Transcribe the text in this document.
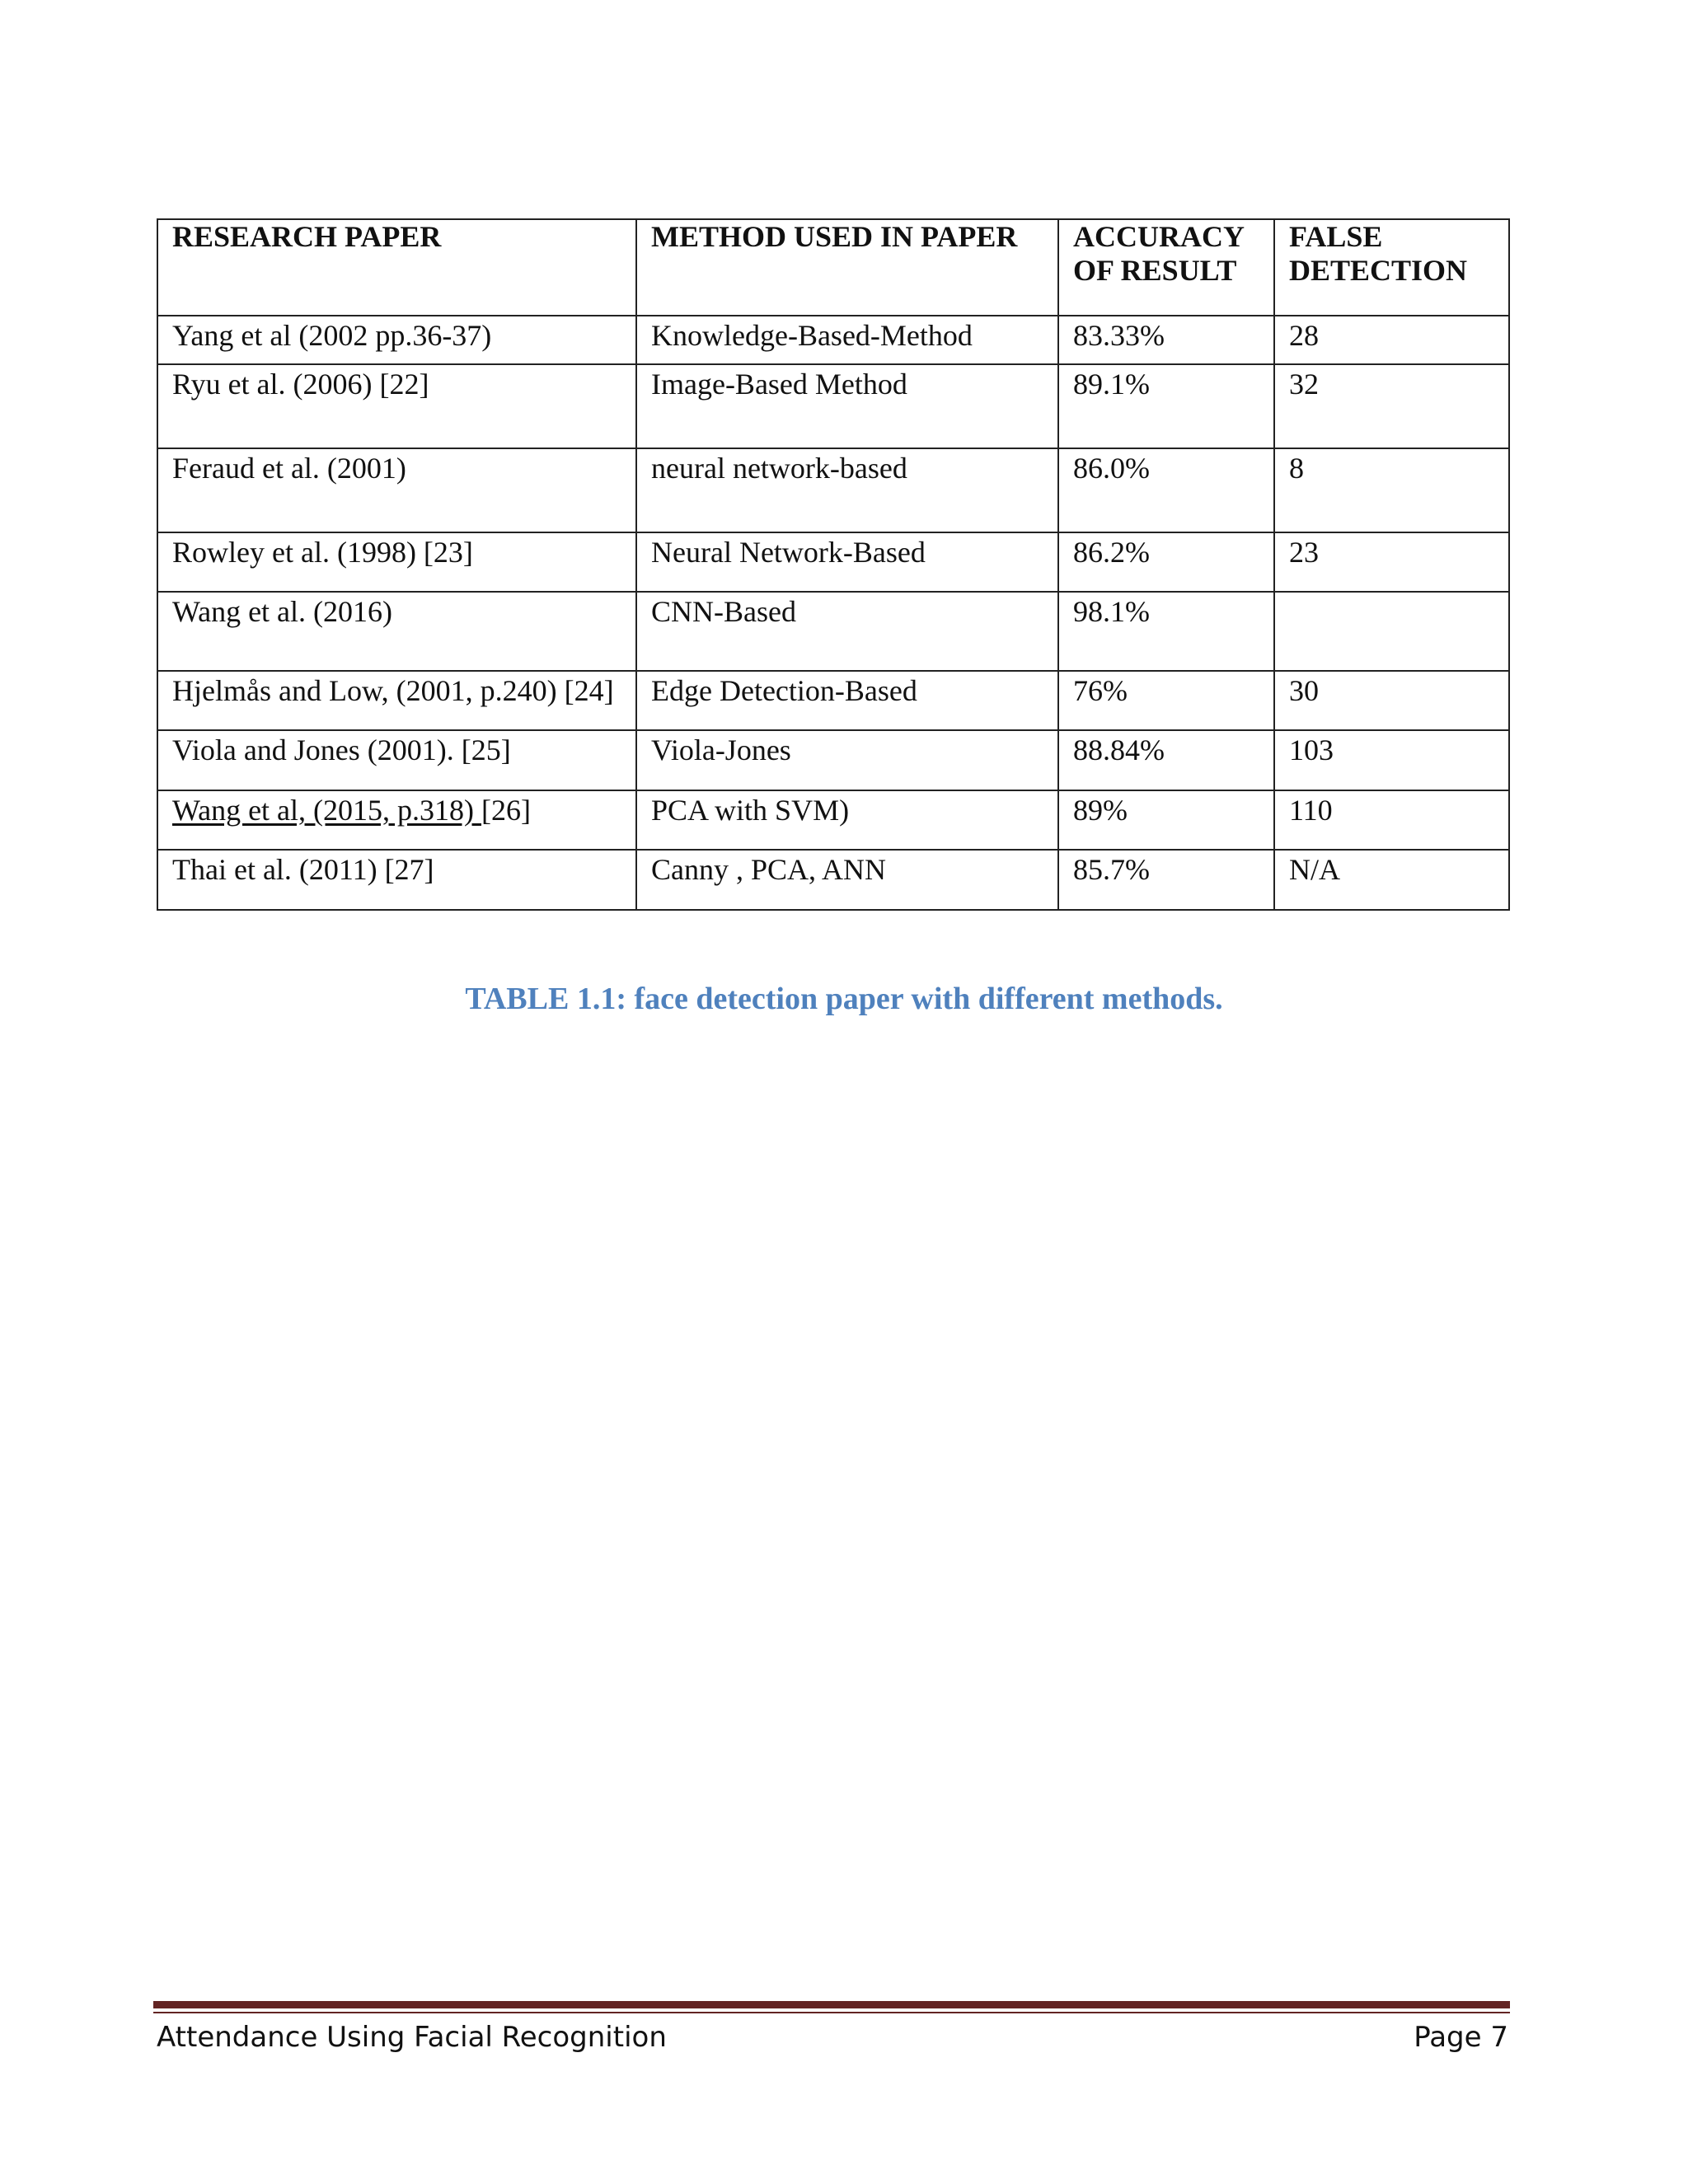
RESEARCH PAPER	METHOD USED IN PAPER	ACCURACY OF RESULT	FALSE DETECTION
Yang et al (2002 pp.36-37)	Knowledge-Based-Method	83.33%	28
Ryu et al. (2006) [22]	Image-Based Method	89.1%	32
Feraud et al. (2001)	neural network-based	86.0%	8
Rowley et al. (1998) [23]	Neural Network-Based	86.2%	23
Wang et al. (2016)	CNN-Based	98.1%	
Hjelmås and Low, (2001, p.240) [24]	Edge Detection-Based	76%	30
Viola and Jones (2001). [25]	Viola-Jones	88.84%	103
Wang et al, (2015, p.318) [26]	PCA with SVM)	89%	110
Thai et al. (2011) [27]	Canny , PCA, ANN	85.7%	N/A

TABLE 1.1: face detection paper with different methods.

Attendance Using Facial Recognition	Page 7
